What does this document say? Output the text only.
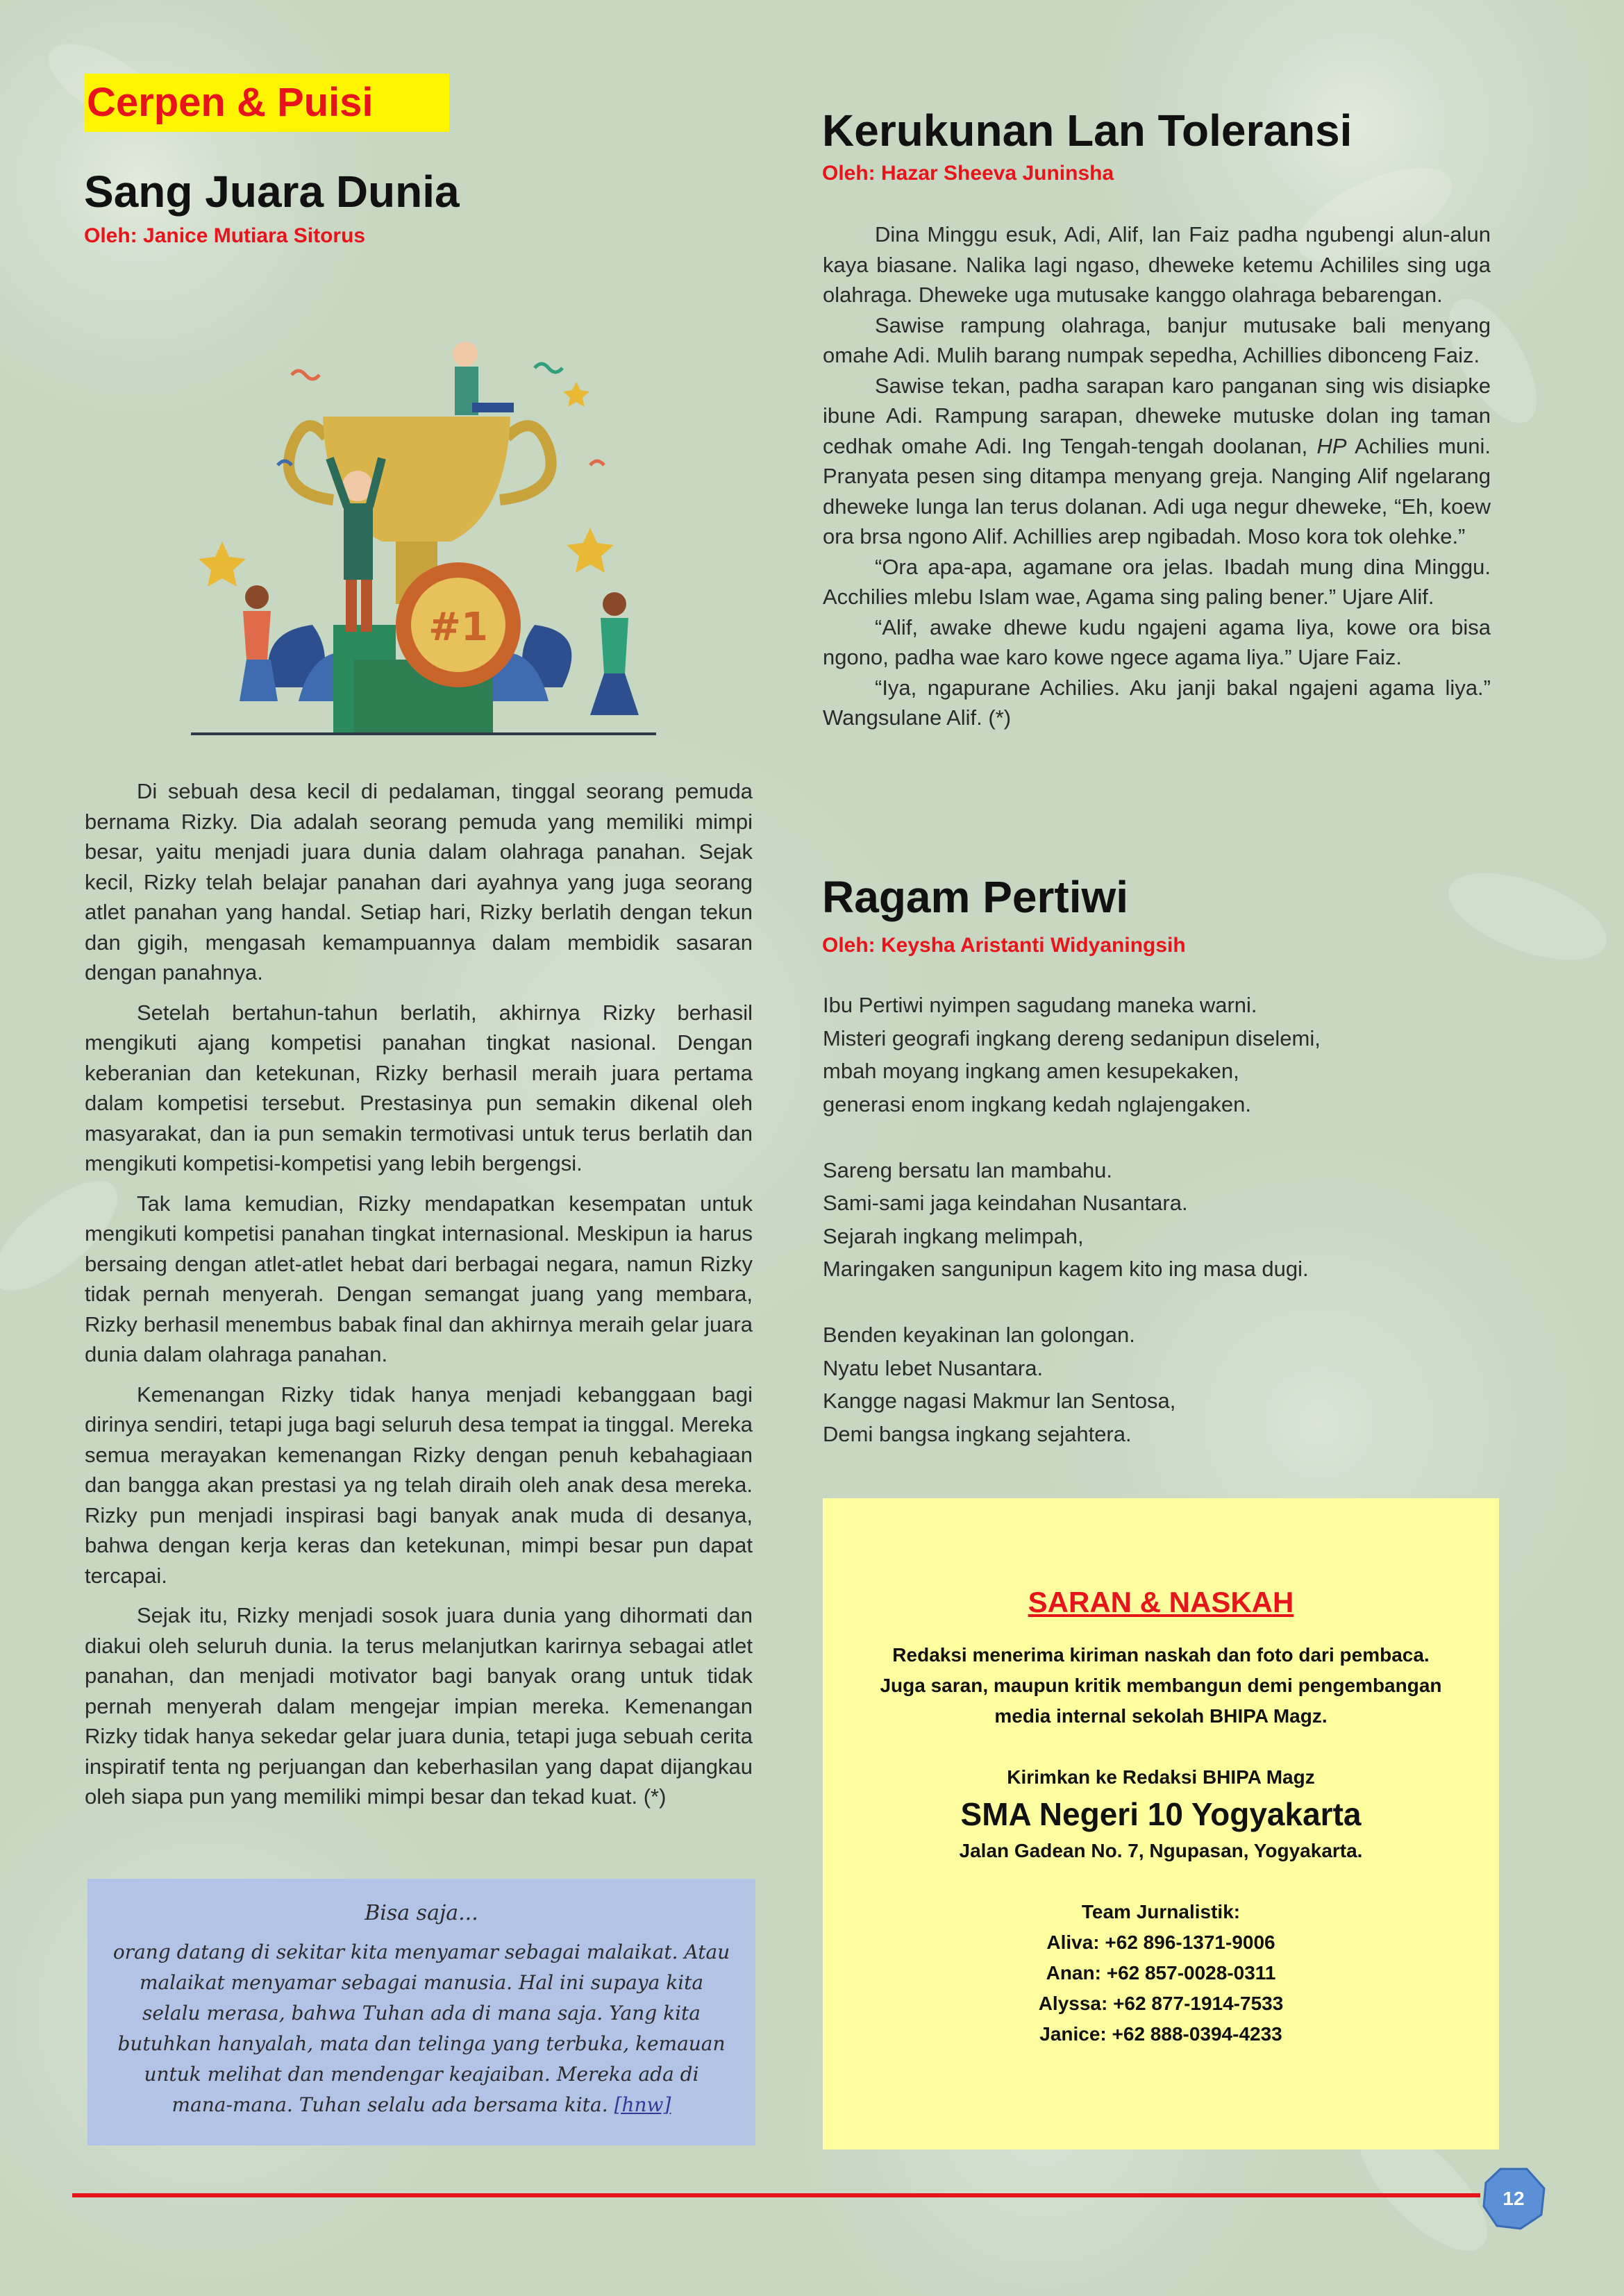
Cerpen & Puisi
Sang Juara Dunia
Oleh: Janice Mutiara Sitorus
#1

Di sebuah desa kecil di pedalaman, tinggal seorang pemuda bernama Rizky. Dia adalah seorang pemuda yang memiliki mimpi besar, yaitu menjadi juara dunia dalam olahraga panahan. Sejak kecil, Rizky telah belajar panahan dari ayahnya yang juga seorang atlet panahan yang handal. Setiap hari, Rizky berlatih dengan tekun dan gigih, mengasah kemampuannya dalam membidik sasaran dengan panahnya.

Setelah bertahun-tahun berlatih, akhirnya Rizky berhasil mengikuti ajang kompetisi panahan tingkat nasional. Dengan keberanian dan ketekunan, Rizky berhasil meraih juara pertama dalam kompetisi tersebut. Prestasinya pun semakin dikenal oleh masyarakat, dan ia pun semakin termotivasi untuk terus berlatih dan mengikuti kompetisi-kompetisi yang lebih bergengsi.

Tak lama kemudian, Rizky mendapatkan kesempatan untuk mengikuti kompetisi panahan tingkat internasional. Meskipun ia harus bersaing dengan atlet-atlet hebat dari berbagai negara, namun Rizky tidak pernah menyerah. Dengan semangat juang yang membara, Rizky berhasil menembus babak final dan akhirnya meraih gelar juara dunia dalam olahraga panahan.

Kemenangan Rizky tidak hanya menjadi kebanggaan bagi dirinya sendiri, tetapi juga bagi seluruh desa tempat ia tinggal. Mereka semua merayakan kemenangan Rizky dengan penuh kebahagiaan dan bangga akan prestasi ya ng telah diraih oleh anak desa mereka. Rizky pun menjadi inspirasi bagi banyak anak muda di desanya, bahwa dengan kerja keras dan ketekunan, mimpi besar pun dapat tercapai.

Sejak itu, Rizky menjadi sosok juara dunia yang dihormati dan diakui oleh seluruh dunia. Ia terus melanjutkan karirnya sebagai atlet panahan, dan menjadi motivator bagi banyak orang untuk tidak pernah menyerah dalam mengejar impian mereka. Kemenangan Rizky tidak hanya sekedar gelar juara dunia, tetapi juga sebuah cerita inspiratif tenta ng perjuangan dan keberhasilan yang dapat dijangkau oleh siapa pun yang memiliki mimpi besar dan tekad kuat. (*)

Bisa saja...
orang datang di sekitar kita menyamar sebagai malaikat. Atau malaikat menyamar sebagai manusia. Hal ini supaya kita selalu merasa, bahwa Tuhan ada di mana saja. Yang kita butuhkan hanyalah, mata dan telinga yang terbuka, kemauan untuk melihat dan mendengar keajaiban. Mereka ada di mana-mana. Tuhan selalu ada bersama kita. [hnw]
Kerukunan Lan Toleransi
Oleh: Hazar Sheeva Juninsha

Dina Minggu esuk, Adi, Alif, lan Faiz padha ngubengi alun-alun kaya biasane. Nalika lagi ngaso, dheweke ketemu Achililes sing uga olahraga. Dheweke uga mutusake kanggo olahraga bebarengan.

Sawise rampung olahraga, banjur mutusake bali menyang omahe Adi. Mulih barang numpak sepedha, Achillies dibonceng Faiz.

Sawise tekan, padha sarapan karo panganan sing wis disiapke ibune Adi. Rampung sarapan, dheweke mutuske dolan ing taman cedhak omahe Adi. Ing Tengah-tengah doolanan, HP Achilies muni. Pranyata pesen sing ditampa menyang greja. Nanging Alif ngelarang dheweke lunga lan terus dolanan. Adi uga negur dheweke, “Eh, koew ora brsa ngono Alif. Achillies arep ngibadah. Moso kora tok olehke.”

“Ora apa-apa, agamane ora jelas. Ibadah mung dina Minggu. Acchilies mlebu Islam wae, Agama sing paling bener.” Ujare Alif.

“Alif, awake dhewe kudu ngajeni agama liya, kowe ora bisa ngono, padha wae karo kowe ngece agama liya.” Ujare Faiz.

“Iya, ngapurane Achilies. Aku janji bakal ngajeni agama liya.” Wangsulane Alif. (*)

Ragam Pertiwi
Oleh: Keysha Aristanti Widyaningsih

Ibu Pertiwi nyimpen sagudang maneka warni.

Misteri geografi ingkang dereng sedanipun diselemi,

mbah moyang ingkang amen kesupekaken,

generasi enom ingkang kedah nglajengaken.

Sareng bersatu lan mambahu.

Sami-sami jaga keindahan Nusantara.

Sejarah ingkang melimpah,

Maringaken sangunipun kagem kito ing masa dugi.

Benden keyakinan lan golongan.

Nyatu lebet Nusantara.

Kangge nagasi Makmur lan Sentosa,

Demi bangsa ingkang sejahtera.

SARAN & NASKAH
Redaksi menerima kiriman naskah dan foto dari pembaca. Juga saran, maupun kritik membangun demi pengembangan media internal sekolah BHIPA Magz.
Kirimkan ke Redaksi BHIPA Magz
SMA Negeri 10 Yogyakarta
Jalan Gadean No. 7, Ngupasan, Yogyakarta.
Team Jurnalistik:
Aliva: +62 896-1371-9006
Anan: +62 857-0028-0311
Alyssa: +62 877-1914-7533
Janice: +62 888-0394-4233
12
